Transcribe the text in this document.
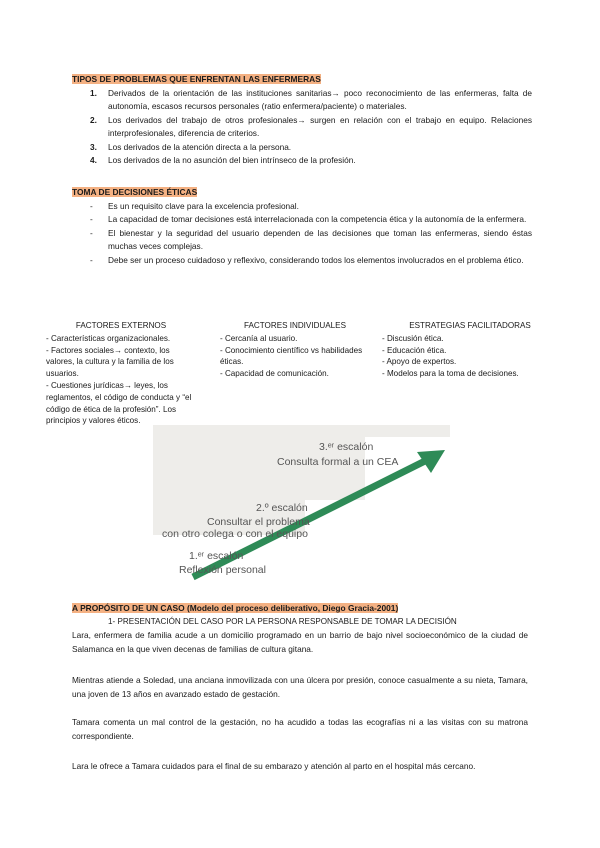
TIPOS DE PROBLEMAS QUE ENFRENTAN LAS ENFERMERAS
1. Derivados de la orientación de las instituciones sanitarias→ poco reconocimiento de las enfermeras, falta de autonomía, escasos recursos personales (ratio enfermera/paciente) o materiales.
2. Los derivados del trabajo de otros profesionales→ surgen en relación con el trabajo en equipo. Relaciones interprofesionales, diferencia de criterios.
3. Los derivados de la atención directa a la persona.
4. Los derivados de la no asunción del bien intrínseco de la profesión.
TOMA DE DECISIONES ÉTICAS
- Es un requisito clave para la excelencia profesional.
- La capacidad de tomar decisiones está interrelacionada con la competencia ética y la autonomía de la enfermera.
- El bienestar y la seguridad del usuario dependen de las decisiones que toman las enfermeras, siendo éstas muchas veces complejas.
- Debe ser un proceso cuidadoso y reflexivo, considerando todos los elementos involucrados en el problema ético.
FACTORES EXTERNOS

- Características organizacionales.

- Factores sociales→ contexto, los valores, la cultura y la familia de los usuarios.

- Cuestiones jurídicas→ leyes, los reglamentos, el código de conducta y “el código de ética de la profesión”. Los principios y valores éticos.

FACTORES INDIVIDUALES

- Cercanía al usuario.

- Conocimiento científico vs habilidades éticas.

- Capacidad de comunicación.

ESTRATEGIAS FACILITADORAS

- Discusión ética.

- Educación ética.

- Apoyo de expertos.

- Modelos para la toma de decisiones.

3.ᵉʳ escalón
Consulta formal a un CEA
2.º escalón
Consultar el problema
con otro colega o con el equipo
1.ᵉʳ escalón
Reflexión personal
A PROPÓSITO DE UN CASO (Modelo del proceso deliberativo, Diego Gracia-2001)
1- PRESENTACIÓN DEL CASO POR LA PERSONA RESPONSABLE DE TOMAR LA DECISIÓN

Lara, enfermera de familia acude a un domicilio programado en un barrio de bajo nivel socioeconómico de la ciudad de Salamanca en la que viven decenas de familias de cultura gitana.

Mientras atiende a Soledad, una anciana inmovilizada con una úlcera por presión, conoce casualmente a su nieta, Tamara, una joven de 13 años en avanzado estado de gestación.

Tamara comenta un mal control de la gestación, no ha acudido a todas las ecografías ni a las visitas con su matrona correspondiente.

Lara le ofrece a Tamara cuidados para el final de su embarazo y atención al parto en el hospital más cercano.
